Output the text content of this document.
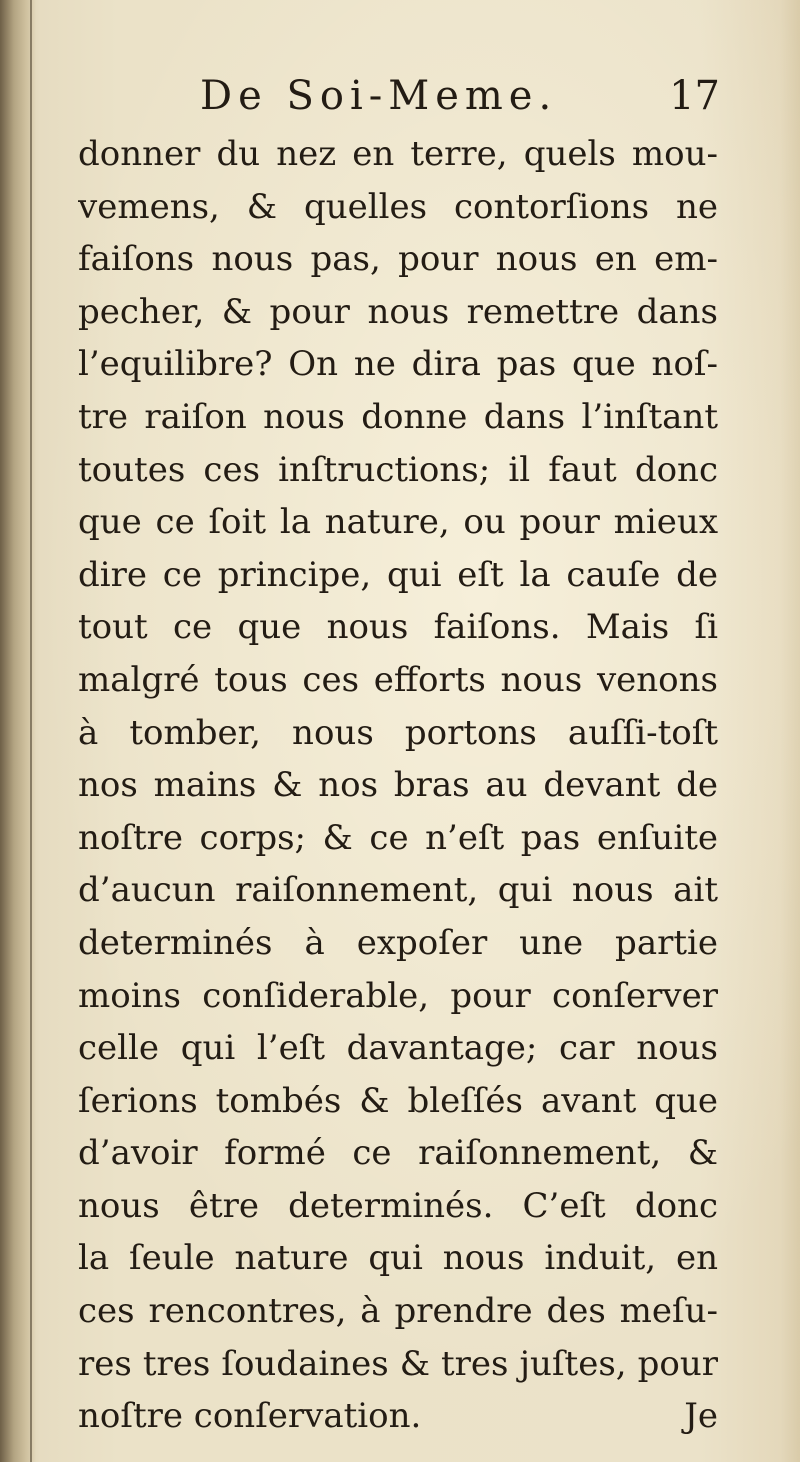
De Soi-Meme.	17
donner du nez en terre, quels mou-
vemens, & quelles contorſions ne
faiſons nous pas, pour nous en em-
pecher, & pour nous remettre dans
l’equilibre? On ne dira pas que noſ-
tre raiſon nous donne dans l’inſtant
toutes ces inſtructions; il faut donc
que ce ſoit la nature, ou pour mieux
dire ce principe, qui eſt la cauſe de
tout ce que nous faiſons. Mais ſi
malgré tous ces efforts nous venons
à tomber, nous portons auſſi-toſt
nos mains & nos bras au devant de
noſtre corps; & ce n’eſt pas enſuite
d’aucun raiſonnement, qui nous ait
determinés à expoſer une partie
moins conſiderable, pour conſerver
celle qui l’eſt davantage; car nous
ſerions tombés & bleſſés avant que
d’avoir formé ce raiſonnement, &
nous être determinés. C’eſt donc
la ſeule nature qui nous induit, en
ces rencontres, à prendre des meſu-
res tres ſoudaines & tres juſtes, pour
noſtre conſervation.	Je
